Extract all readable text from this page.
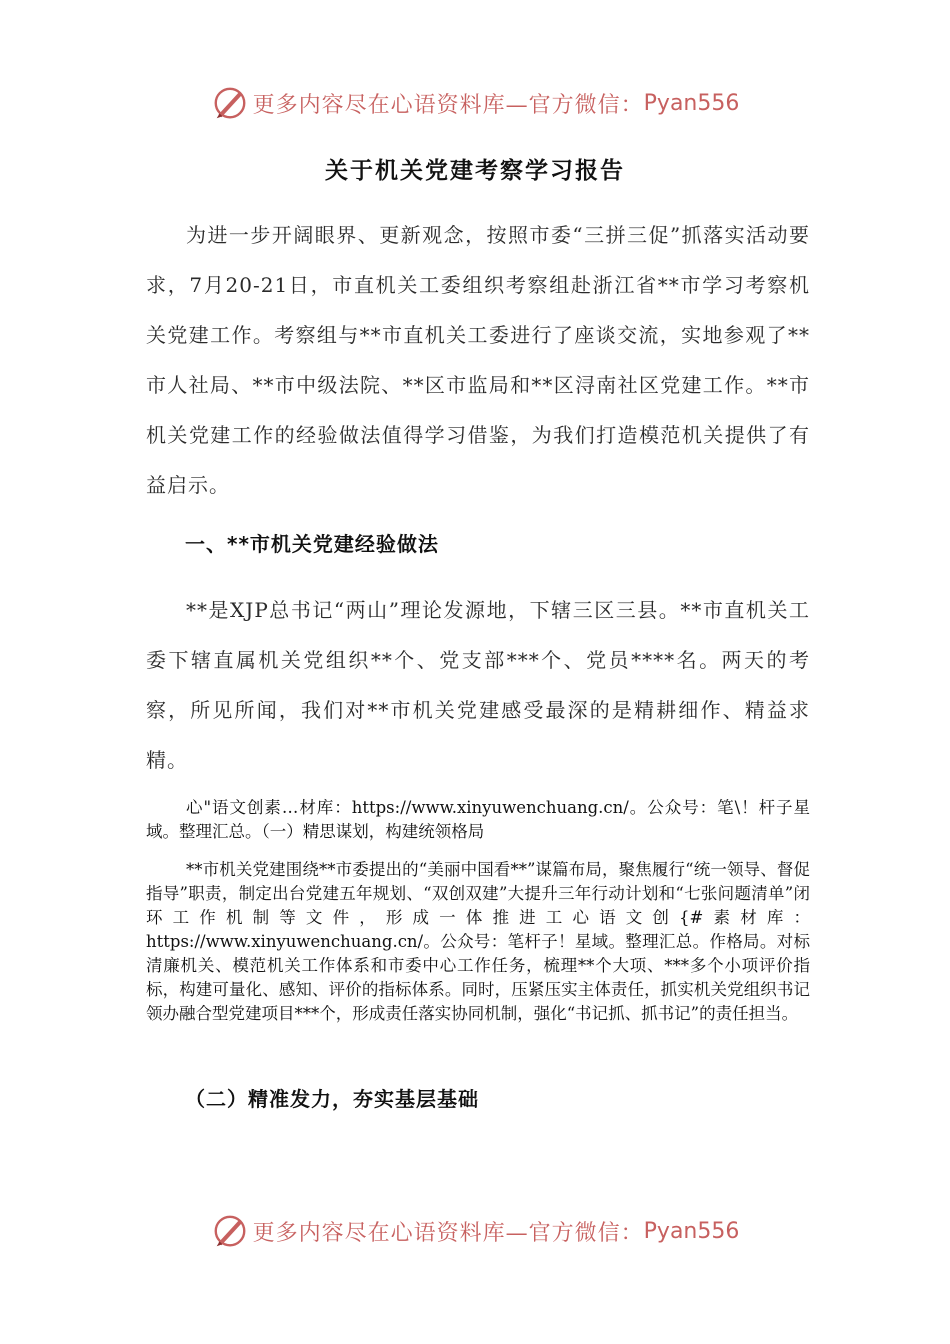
更多内容尽在心语资料库—官方微信： Pyan556
关于机关党建考察学习报告
为进一步开阔眼界、更新观念，按照市委“三拼三促”抓落实活动要求，7月20-21日，市直机关工委组织考察组赴浙江省**市学习考察机关党建工作。考察组与**市直机关工委进行了座谈交流，实地参观了**市人社局、**市中级法院、**区市监局和**区浔南社区党建工作。**市机关党建工作的经验做法值得学习借鉴，为我们打造模范机关提供了有益启示。
一、**市机关党建经验做法
**是XJP总书记“两山”理论发源地，下辖三区三县。**市直机关工委下辖直属机关党组织**个、党支部***个、党员****名。两天的考察，所见所闻，我们对**市机关党建感受最深的是精耕细作、精益求精。
心"语文创素…材库：https://www.xinyuwenchuang.cn/。公众号：笔\！杆子星域。整理汇总。（一）精思谋划，构建统领格局
**市机关党建围绕**市委提出的“美丽中国看**”谋篇布局，聚焦履行“统一领导、督促指导”职责，制定出台党建五年规划、“双创双建”大提升三年行动计划和“七张问题清单”闭环工作机制等文件，形成一体推进工心语文创{#素材库：https://www.xinyuwenchuang.cn/。公众号：笔杆子！星域。整理汇总。作格局。对标清廉机关、模范机关工作体系和市委中心工作任务，梳理**个大项、***多个小项评价指标，构建可量化、感知、评价的指标体系。同时，压紧压实主体责任，抓实机关党组织书记领办融合型党建项目***个，形成责任落实协同机制，强化“书记抓、抓书记”的责任担当。
（二）精准发力，夯实基层基础
更多内容尽在心语资料库—官方微信： Pyan556
